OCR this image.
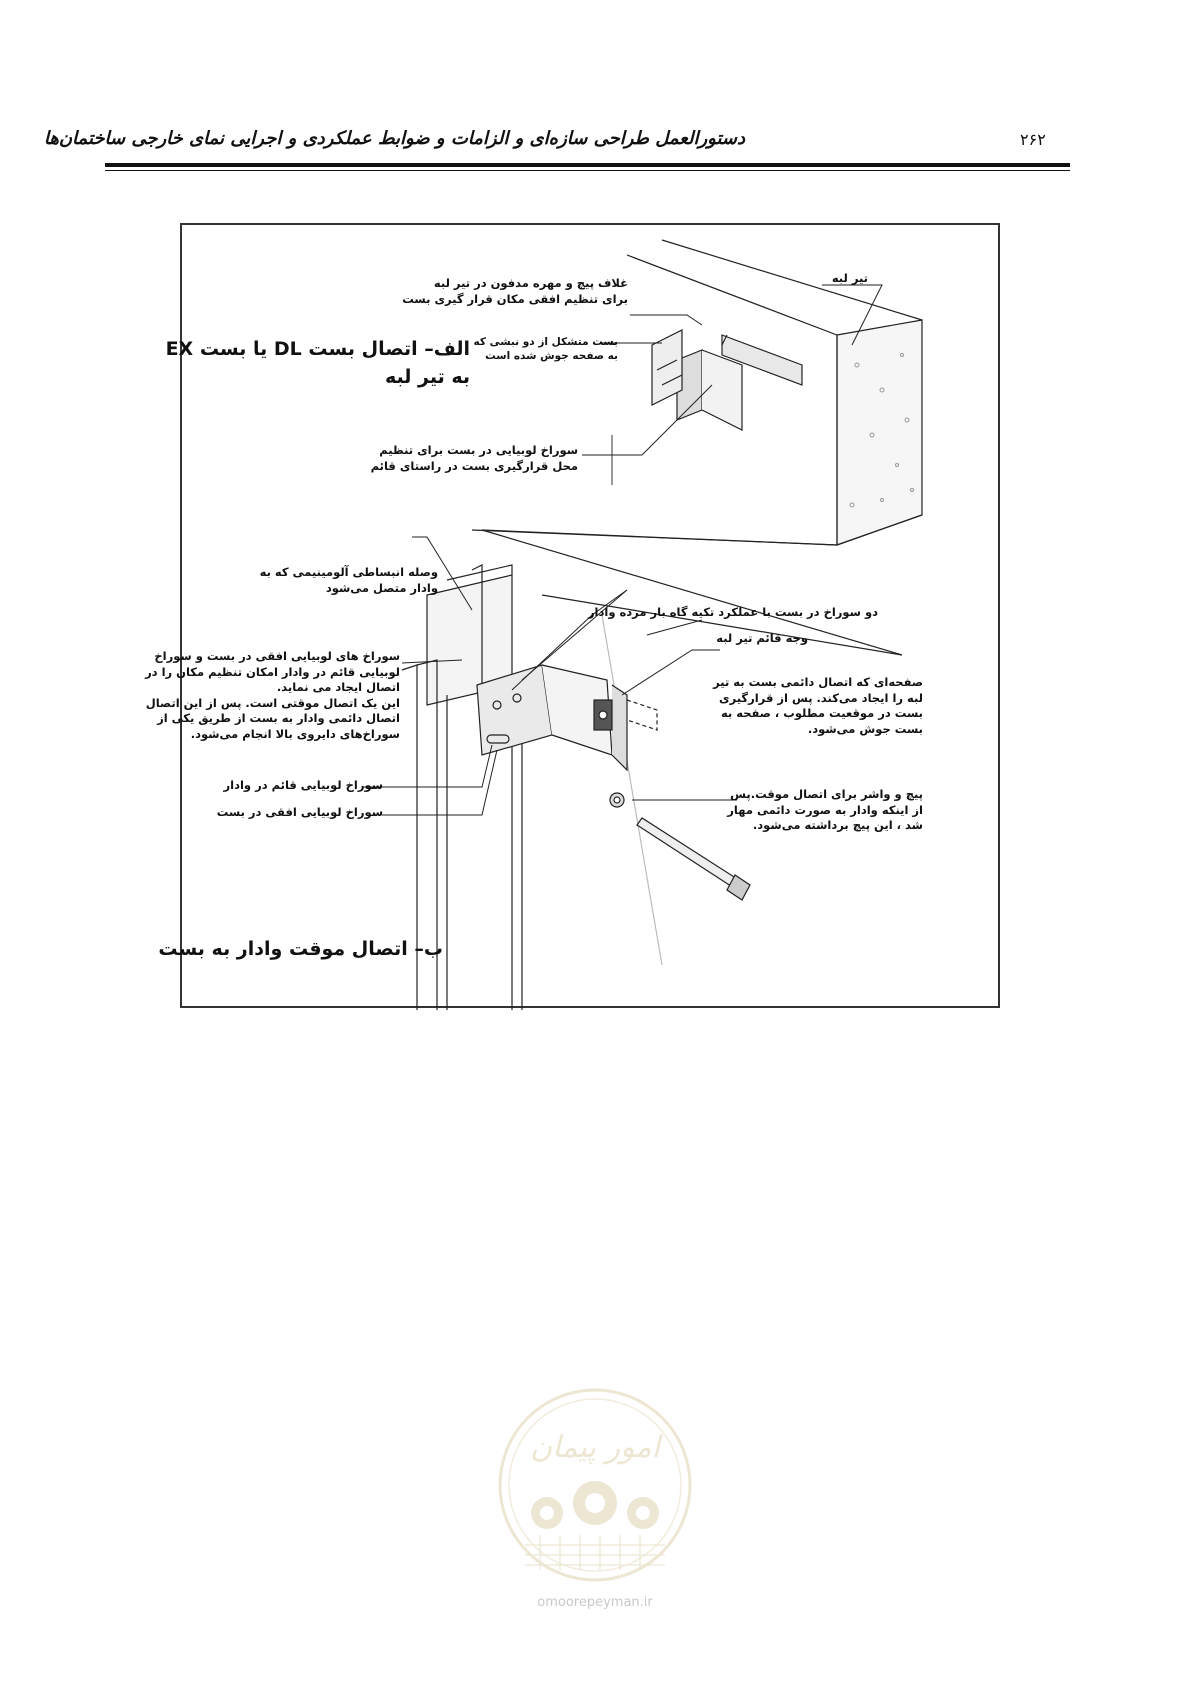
دستورالعمل طراحی سازه‌ای و الزامات و ضوابط عملکردی و اجرایی نمای خارجی ساختمان‌ها	۲۶۲
الف– اتصال بست DL یا بست EX
به تیر لبه
تیر لبه
غلاف پیچ و مهره مدفون در تیر لبه
برای تنظیم افقی مکان قرار گیری بست
بست متشکل از دو نبشی که
به صفحه جوش شده است
سوراخ لوبیایی در بست برای تنظیم
محل قرارگیری بست در راستای قائم
وصله انبساطی آلومینیمی که به
وادار متصل می‌شود
دو سوراخ در بست با عملکرد تکیه گاه بار مرده وادار
وجه قائم تیر لبه
صفحه‌ای که اتصال دائمی بست به تیر
لبه را ایجاد می‌کند. پس از قرارگیری
بست در موقعیت مطلوب ، صفحه به
بست جوش می‌شود.
سوراخ های لوبیایی افقی در بست و سوراخ
لوبیایی قائم در وادار امکان تنظیم مکان را در
اتصال ایجاد می نماید.
این یک اتصال موقتی است. پس از این اتصال
اتصال دائمی وادار به بست از طریق یکی از
سوراخ‌های دایروی بالا انجام می‌شود.
سوراخ لوبیایی قائم در وادار
سوراخ لوبیایی افقی در بست
پیچ و واشر برای اتصال موقت.پس
از اینکه وادار به صورت دائمی مهار
شد ، این پیچ برداشته می‌شود.
ب– اتصال موقت وادار به بست
امور پیمان
omoorepeyman.ir
